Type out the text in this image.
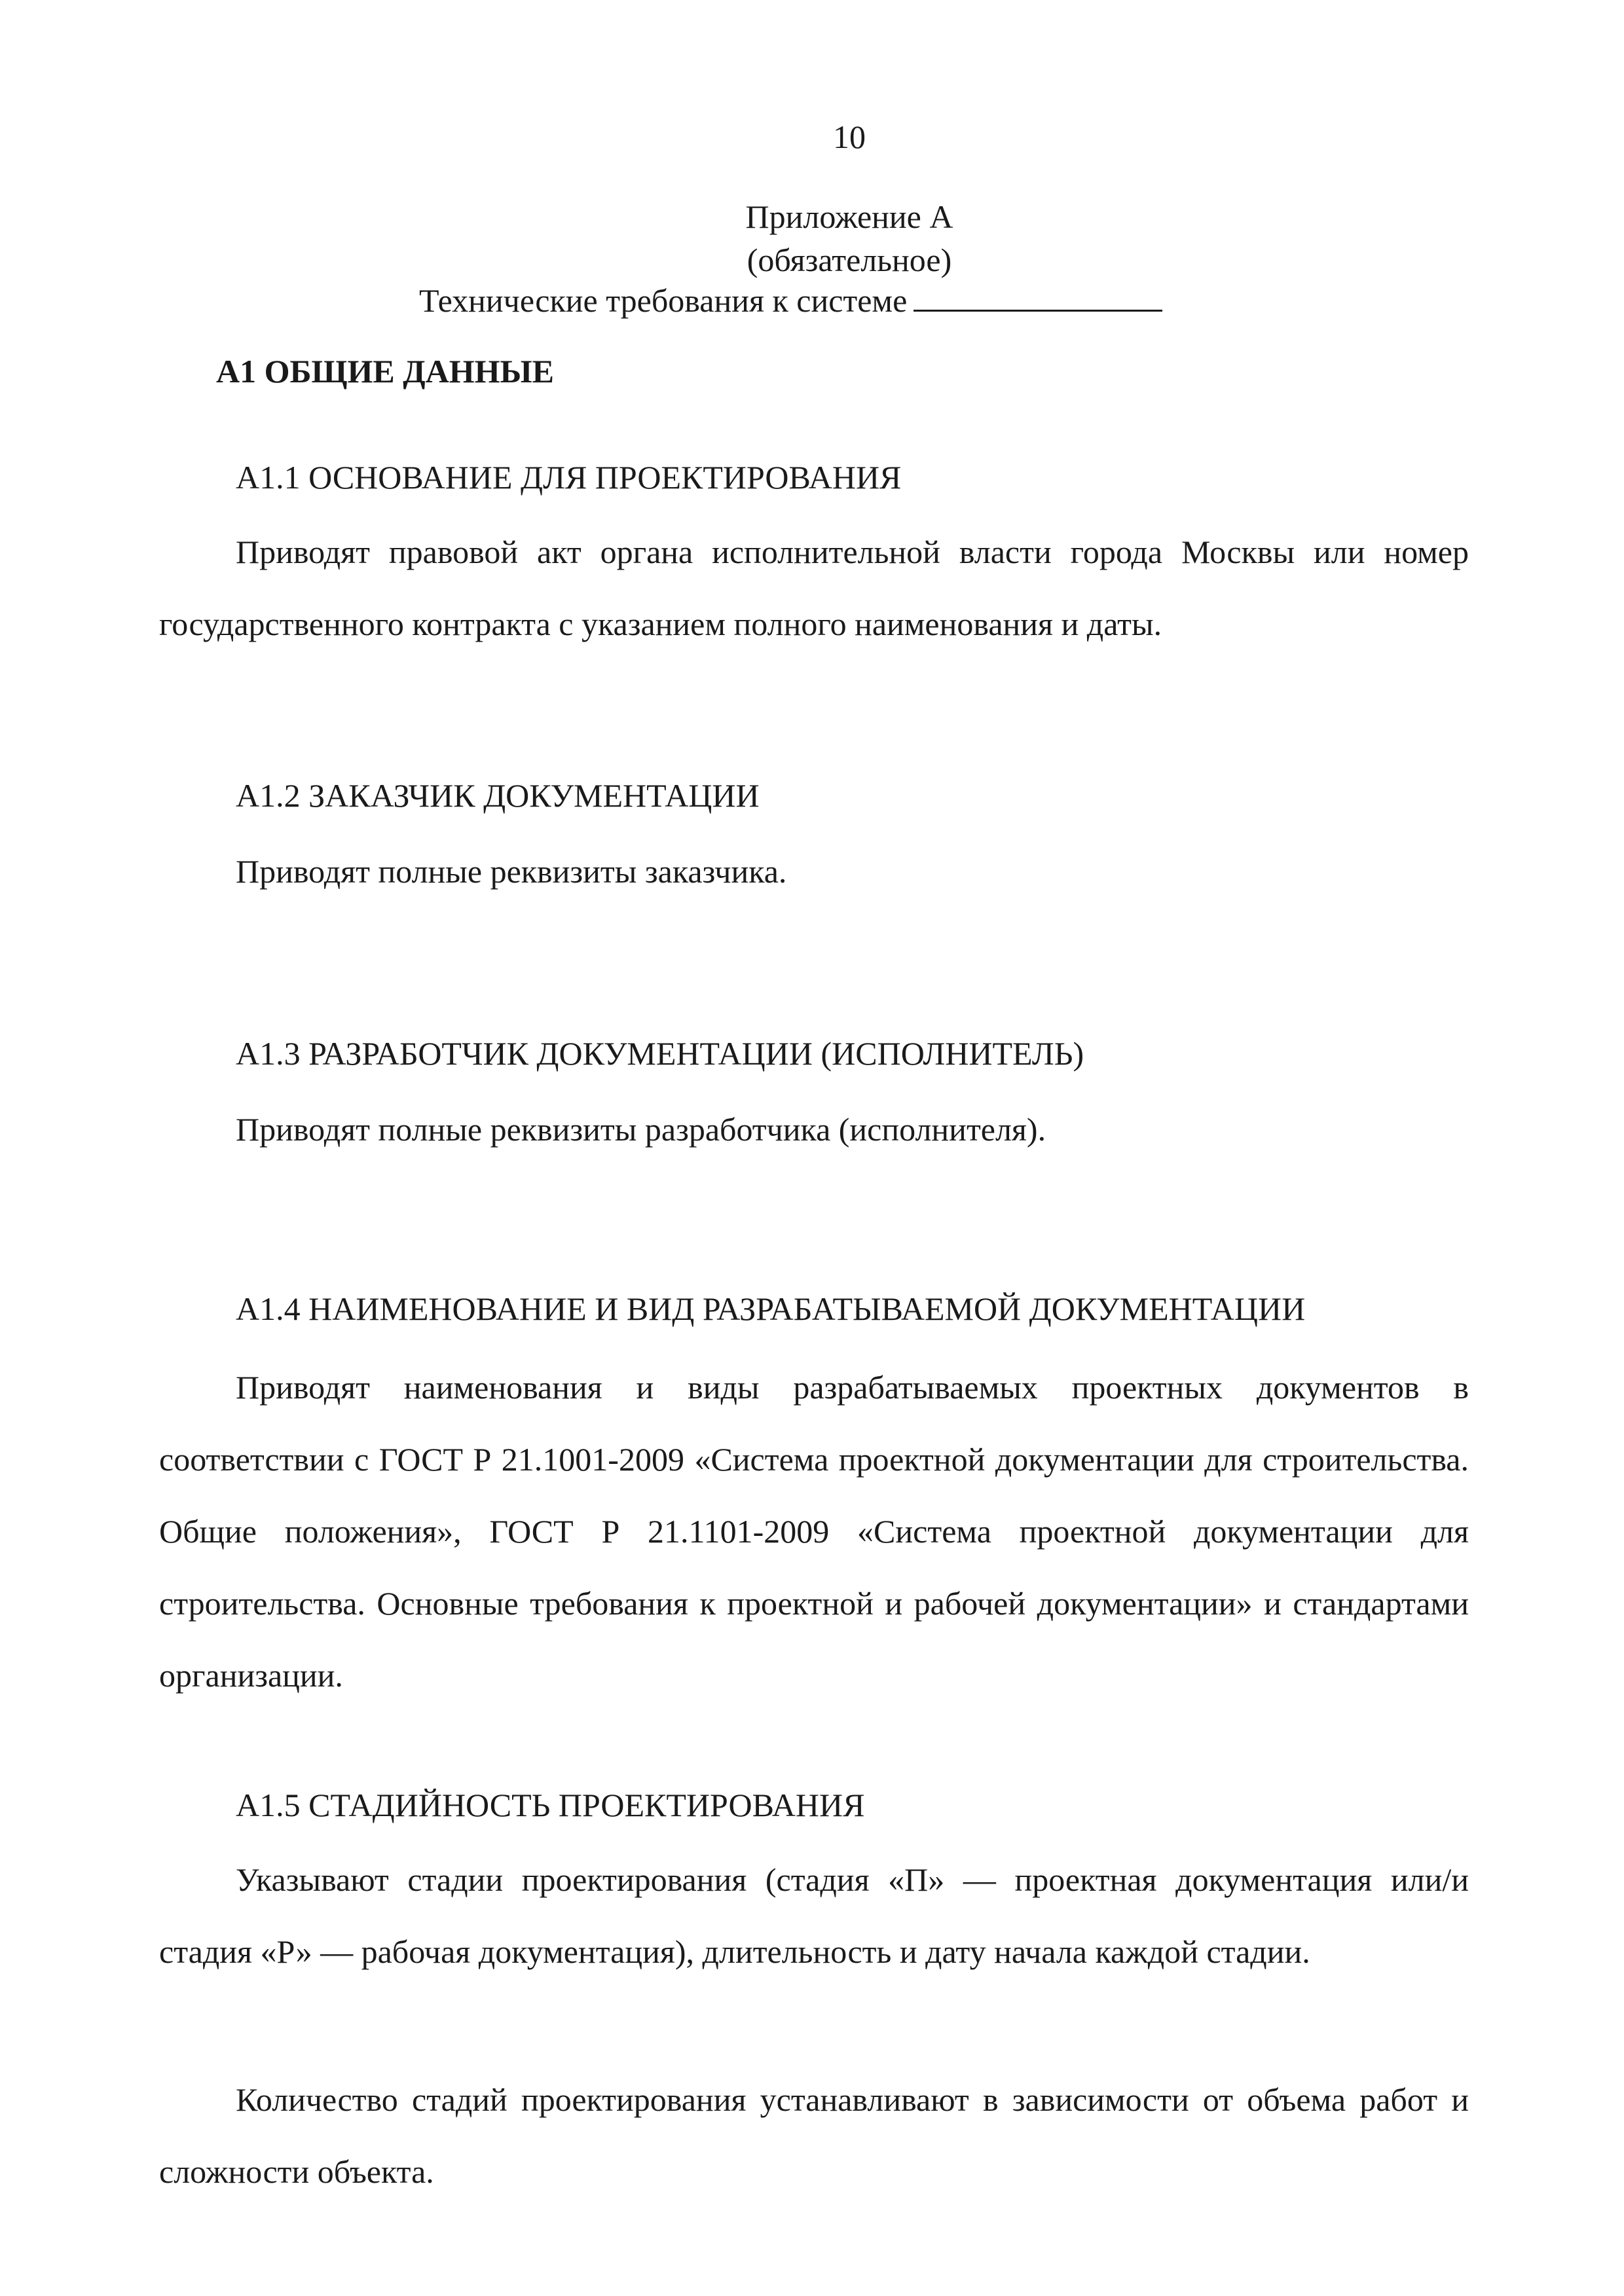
10
Приложение А
(обязательное)
Технические требования к системе
А1 ОБЩИЕ ДАННЫЕ
А1.1 ОСНОВАНИЕ ДЛЯ ПРОЕКТИРОВАНИЯ

Приводят правовой акт органа исполнительной власти города Москвы или номер государственного контракта с указанием полного наименования и даты.

А1.2 ЗАКАЗЧИК ДОКУМЕНТАЦИИ

Приводят полные реквизиты заказчика.

А1.3 РАЗРАБОТЧИК ДОКУМЕНТАЦИИ (ИСПОЛНИТЕЛЬ)

Приводят полные реквизиты разработчика (исполнителя).

А1.4 НАИМЕНОВАНИЕ И ВИД РАЗРАБАТЫВАЕМОЙ ДОКУМЕНТАЦИИ

Приводят наименования и виды разрабатываемых проектных документов в соответствии с ГОСТ Р 21.1001-2009 «Система проектной документации для строительства. Общие положения», ГОСТ Р 21.1101-2009 «Система проектной документации для строительства. Основные требования к проектной и рабочей документации» и стандартами организации.

А1.5 СТАДИЙНОСТЬ ПРОЕКТИРОВАНИЯ

Указывают стадии проектирования (стадия «П» — проектная документация или/и стадия «Р» — рабочая документация), длительность и дату начала каждой стадии.

Количество стадий проектирования устанавливают в зависимости от объема работ и сложности объекта.
